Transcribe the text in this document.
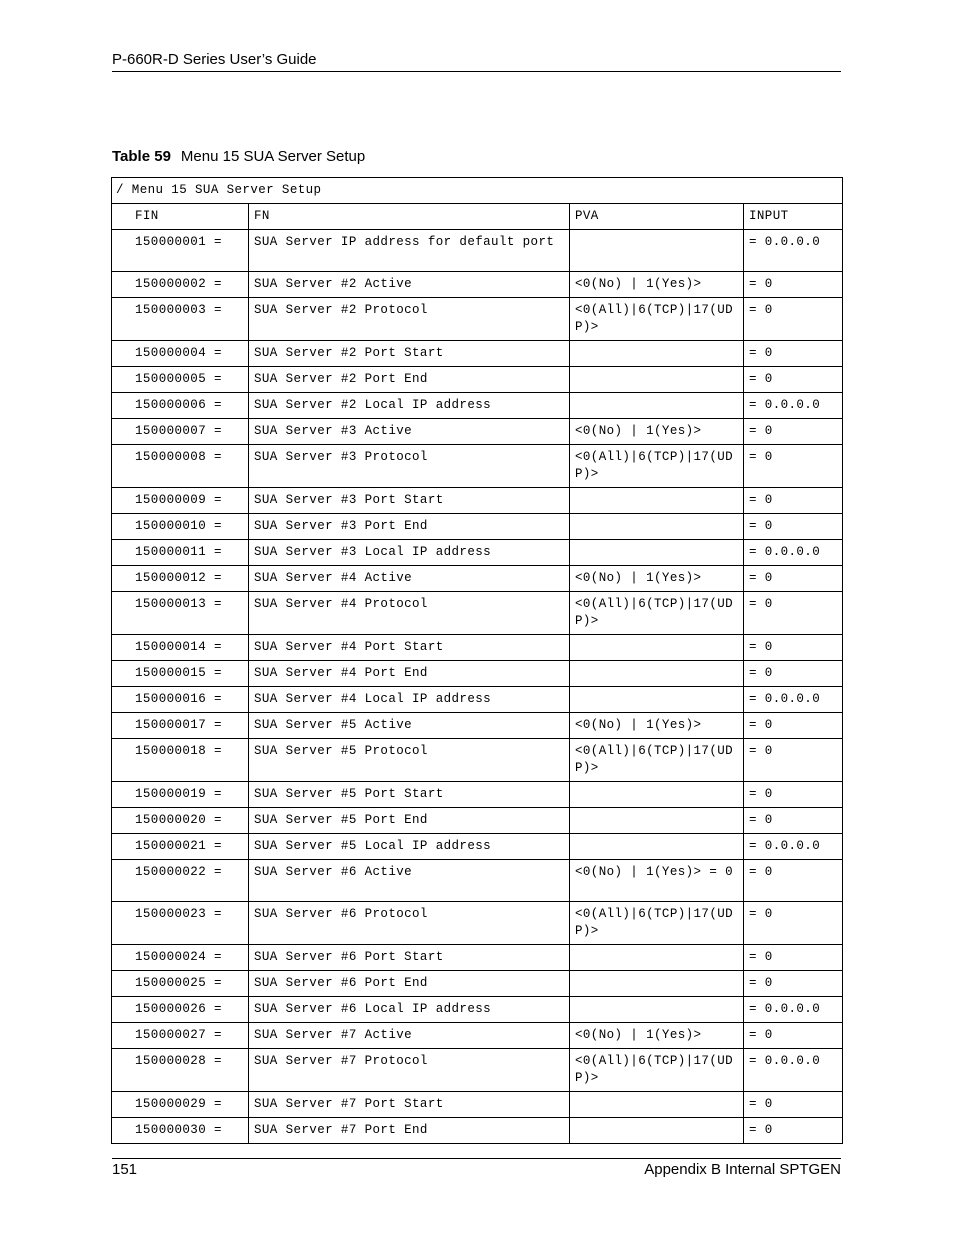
P-660R-D Series User’s Guide
Table 59 Menu 15 SUA Server Setup
/ Menu 15 SUA Server Setup			
FIN	FN	PVA	INPUT
150000001 =	SUA Server IP address for default port		= 0.0.0.0
150000002 =	SUA Server #2 Active	<0(No) | 1(Yes)>	= 0
150000003 =	SUA Server #2 Protocol	<0(All)|6(TCP)|17(UDP)>	= 0
150000004 =	SUA Server #2 Port Start		= 0
150000005 =	SUA Server #2 Port End		= 0
150000006 =	SUA Server #2 Local IP address		= 0.0.0.0
150000007 =	SUA Server #3 Active	<0(No) | 1(Yes)>	= 0
150000008 =	SUA Server #3 Protocol	<0(All)|6(TCP)|17(UDP)>	= 0
150000009 =	SUA Server #3 Port Start		= 0
150000010 =	SUA Server #3 Port End		= 0
150000011 =	SUA Server #3 Local IP address		= 0.0.0.0
150000012 =	SUA Server #4 Active	<0(No) | 1(Yes)>	= 0
150000013 =	SUA Server #4 Protocol	<0(All)|6(TCP)|17(UDP)>	= 0
150000014 =	SUA Server #4 Port Start		= 0
150000015 =	SUA Server #4 Port End		= 0
150000016 =	SUA Server #4 Local IP address		= 0.0.0.0
150000017 =	SUA Server #5 Active	<0(No) | 1(Yes)>	= 0
150000018 =	SUA Server #5 Protocol	<0(All)|6(TCP)|17(UDP)>	= 0
150000019 =	SUA Server #5 Port Start		= 0
150000020 =	SUA Server #5 Port End		= 0
150000021 =	SUA Server #5 Local IP address		= 0.0.0.0
150000022 =	SUA Server #6 Active	<0(No) | 1(Yes)> = 0	= 0
150000023 =	SUA Server #6 Protocol	<0(All)|6(TCP)|17(UDP)>	= 0
150000024 =	SUA Server #6 Port Start		= 0
150000025 =	SUA Server #6 Port End		= 0
150000026 =	SUA Server #6 Local IP address		= 0.0.0.0
150000027 =	SUA Server #7 Active	<0(No) | 1(Yes)>	= 0
150000028 =	SUA Server #7 Protocol	<0(All)|6(TCP)|17(UDP)>	= 0.0.0.0
150000029 =	SUA Server #7 Port Start		= 0
150000030 =	SUA Server #7 Port End		= 0
151	Appendix B Internal SPTGEN
